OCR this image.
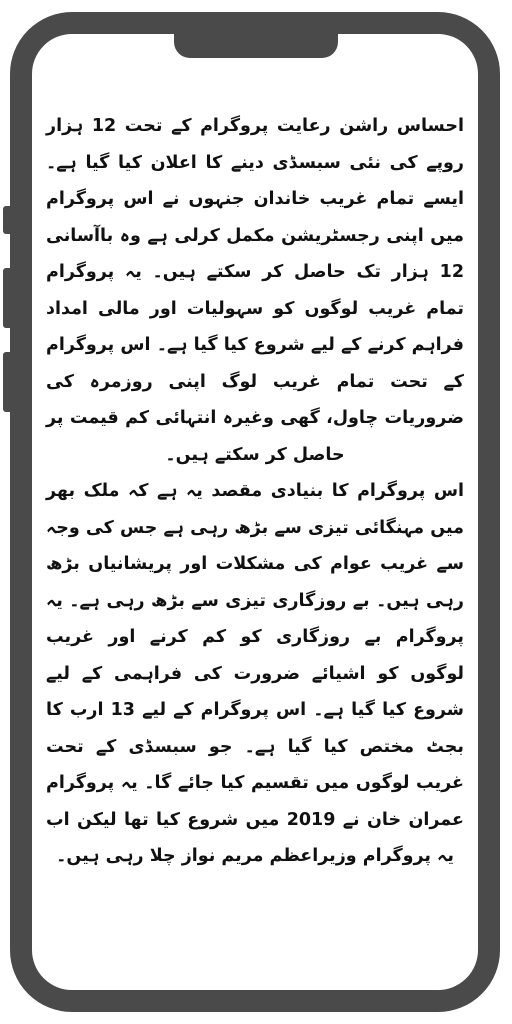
احساس راشن رعایت پروگرام کے تحت 12 ہزار روپے کی نئی سبسڈی دینے کا اعلان کیا گیا ہے۔ ایسے تمام غریب خاندان جنہوں نے اس پروگرام میں اپنی رجسٹریشن مکمل کرلی ہے وہ باآسانی 12 ہزار تک حاصل کر سکتے ہیں۔ یہ پروگرام تمام غریب لوگوں کو سہولیات اور مالی امداد فراہم کرنے کے لیے شروع کیا گیا ہے۔ اس پروگرام کے تحت تمام غریب لوگ اپنی روزمرہ کی ضروریات چاول، گھی وغیرہ انتہائی کم قیمت پر حاصل کر سکتے ہیں۔

اس پروگرام کا بنیادی مقصد یہ ہے کہ ملک بھر میں مہنگائی تیزی سے بڑھ رہی ہے جس کی وجہ سے غریب عوام کی مشکلات اور پریشانیاں بڑھ رہی ہیں۔ بے روزگاری تیزی سے بڑھ رہی ہے۔ یہ پروگرام بے روزگاری کو کم کرنے اور غریب لوگوں کو اشیائے ضرورت کی فراہمی کے لیے شروع کیا گیا ہے۔ اس پروگرام کے لیے 13 ارب کا بجٹ مختص کیا گیا ہے۔ جو سبسڈی کے تحت غریب لوگوں میں تقسیم کیا جائے گا۔ یہ پروگرام عمران خان نے 2019 میں شروع کیا تھا لیکن اب یہ پروگرام وزیراعظم مریم نواز چلا رہی ہیں۔
